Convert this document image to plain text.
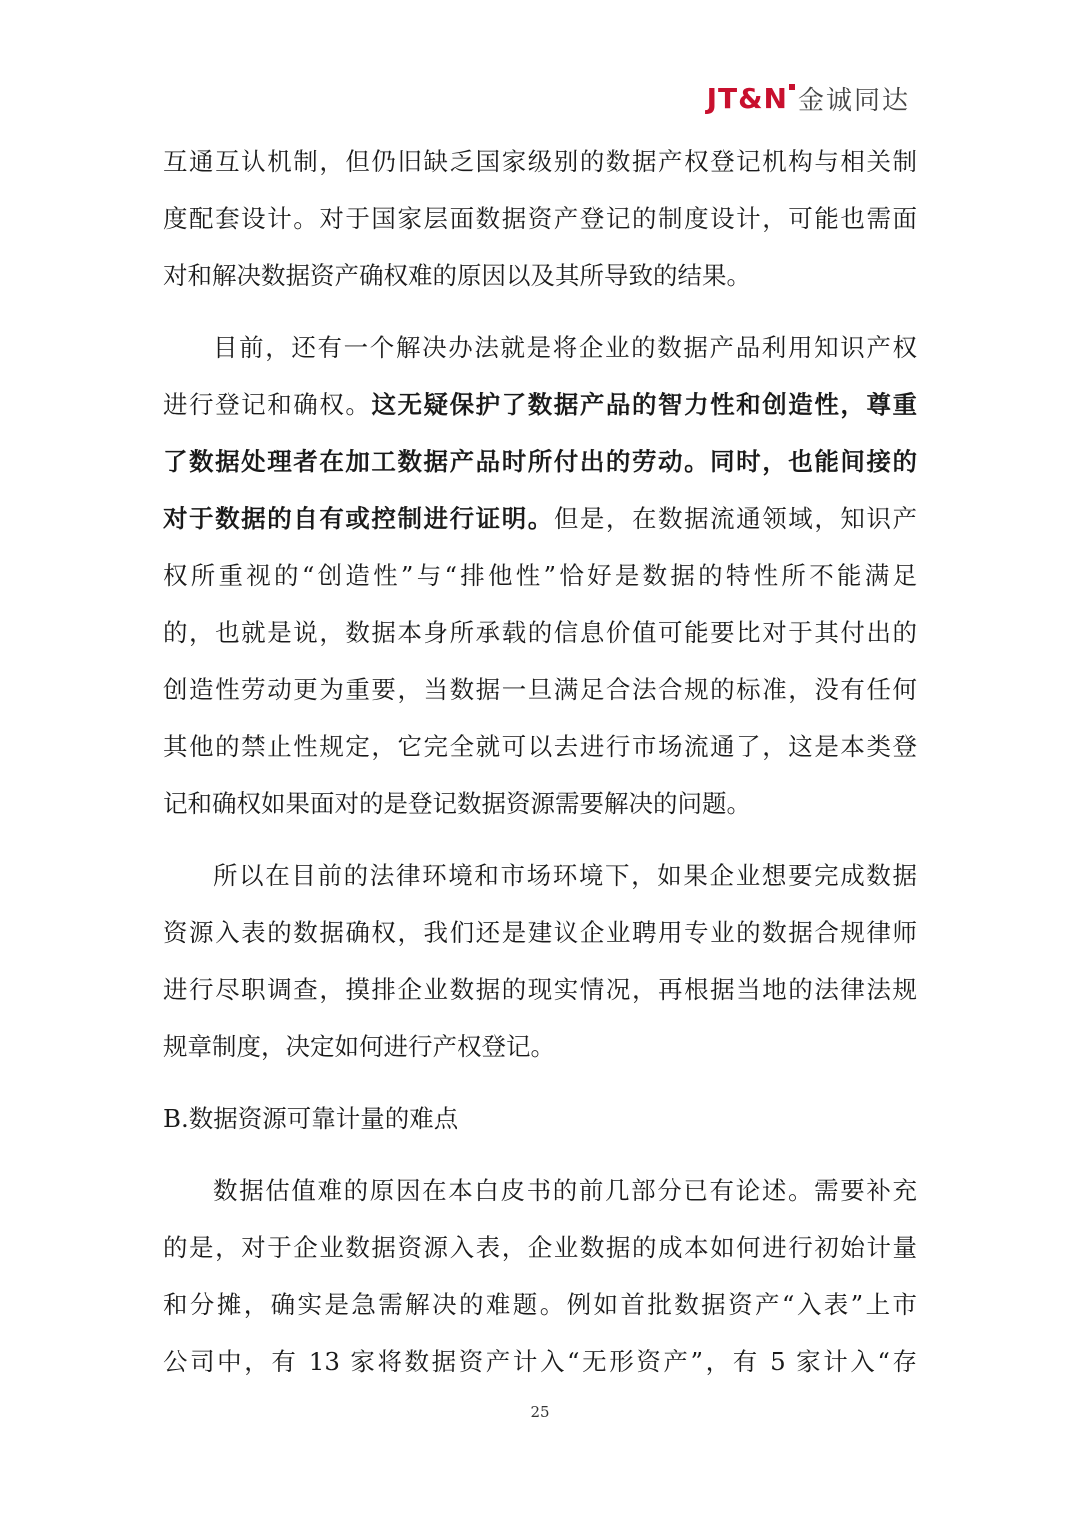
JT&N 金诚同达
互通互认机制，但仍旧缺乏国家级别的数据产权登记机构与相关制
度配套设计。对于国家层面数据资产登记的制度设计，可能也需面
对和解决数据资产确权难的原因以及其所导致的结果。
目前，还有一个解决办法就是将企业的数据产品利用知识产权
进行登记和确权。这无疑保护了数据产品的智力性和创造性，尊重
了数据处理者在加工数据产品时所付出的劳动。同时，也能间接的
对于数据的自有或控制进行证明。但是，在数据流通领域，知识产
权所重视的“创造性”与“排他性”恰好是数据的特性所不能满足
的，也就是说，数据本身所承载的信息价值可能要比对于其付出的
创造性劳动更为重要，当数据一旦满足合法合规的标准，没有任何
其他的禁止性规定，它完全就可以去进行市场流通了，这是本类登
记和确权如果面对的是登记数据资源需要解决的问题。
所以在目前的法律环境和市场环境下，如果企业想要完成数据
资源入表的数据确权，我们还是建议企业聘用专业的数据合规律师
进行尽职调查，摸排企业数据的现实情况，再根据当地的法律法规
规章制度，决定如何进行产权登记。
B.数据资源可靠计量的难点
数据估值难的原因在本白皮书的前几部分已有论述。需要补充
的是，对于企业数据资源入表，企业数据的成本如何进行初始计量
和分摊，确实是急需解决的难题。例如首批数据资产“入表”上市
公司中，有 13 家将数据资产计入“无形资产”，有 5 家计入“存
25
